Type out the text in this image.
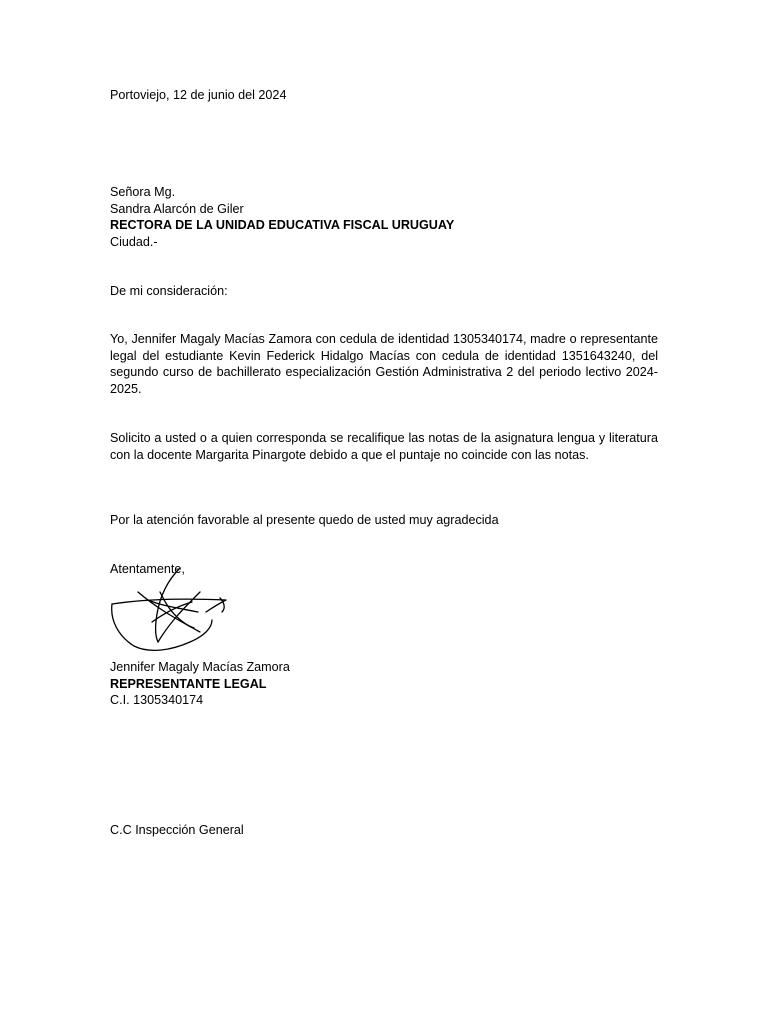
Portoviejo, 12 de junio del 2024
Señora Mg.
Sandra Alarcón de Giler
RECTORA DE LA UNIDAD EDUCATIVA FISCAL URUGUAY
Ciudad.-
De mi consideración:
Yo, Jennifer Magaly Macías Zamora con cedula de identidad 1305340174, madre o representante legal del estudiante Kevin Federick Hidalgo Macías con cedula de identidad 1351643240, del segundo curso de bachillerato especialización Gestión Administrativa 2 del periodo lectivo 2024-2025.
Solicito a usted o a quien corresponda se recalifique las notas de la asignatura lengua y literatura con la docente Margarita Pinargote debido a que el puntaje no coincide con las notas.
Por la atención favorable al presente quedo de usted muy agradecida
Atentamente,
Jennifer Magaly Macías Zamora
REPRESENTANTE LEGAL
C.I. 1305340174
C.C Inspección General
